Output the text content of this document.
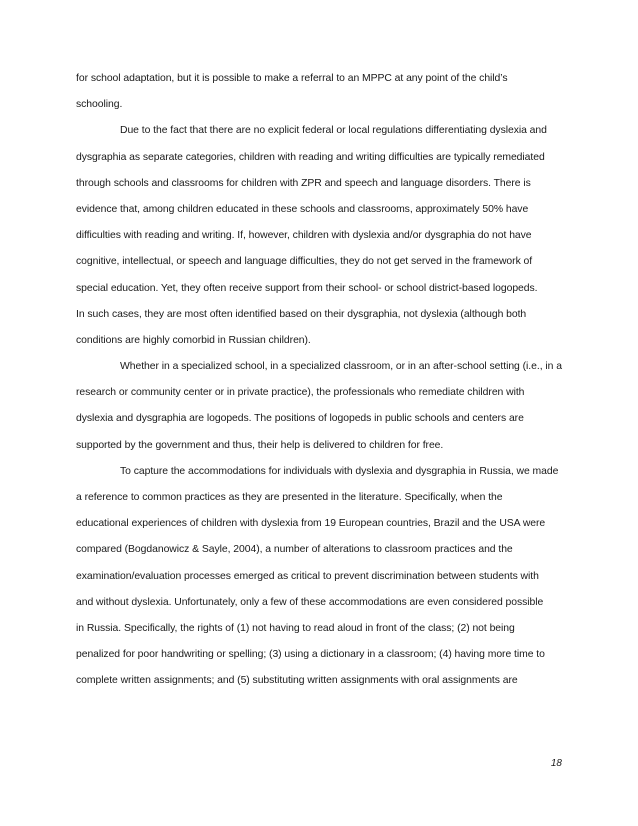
for school adaptation, but it is possible to make a referral to an MPPC at any point of the child’s
schooling.
Due to the fact that there are no explicit federal or local regulations differentiating dyslexia and
dysgraphia as separate categories, children with reading and writing difficulties are typically remediated
through schools and classrooms for children with ZPR and speech and language disorders. There is
evidence that, among children educated in these schools and classrooms, approximately 50% have
difficulties with reading and writing. If, however, children with dyslexia and/or dysgraphia do not have
cognitive, intellectual, or speech and language difficulties, they do not get served in the framework of
special education. Yet, they often receive support from their school- or school district-based logopeds.
In such cases, they are most often identified based on their dysgraphia, not dyslexia (although both
conditions are highly comorbid in Russian children).
Whether in a specialized school, in a specialized classroom, or in an after-school setting (i.e., in a
research or community center or in private practice), the professionals who remediate children with
dyslexia and dysgraphia are logopeds. The positions of logopeds in public schools and centers are
supported by the government and thus, their help is delivered to children for free.
To capture the accommodations for individuals with dyslexia and dysgraphia in Russia, we made
a reference to common practices as they are presented in the literature. Specifically, when the
educational experiences of children with dyslexia from 19 European countries, Brazil and the USA were
compared (Bogdanowicz & Sayle, 2004), a number of alterations to classroom practices and the
examination/evaluation processes emerged as critical to prevent discrimination between students with
and without dyslexia. Unfortunately, only a few of these accommodations are even considered possible
in Russia. Specifically, the rights of (1) not having to read aloud in front of the class; (2) not being
penalized for poor handwriting or spelling; (3) using a dictionary in a classroom; (4) having more time to
complete written assignments; and (5) substituting written assignments with oral assignments are
18
